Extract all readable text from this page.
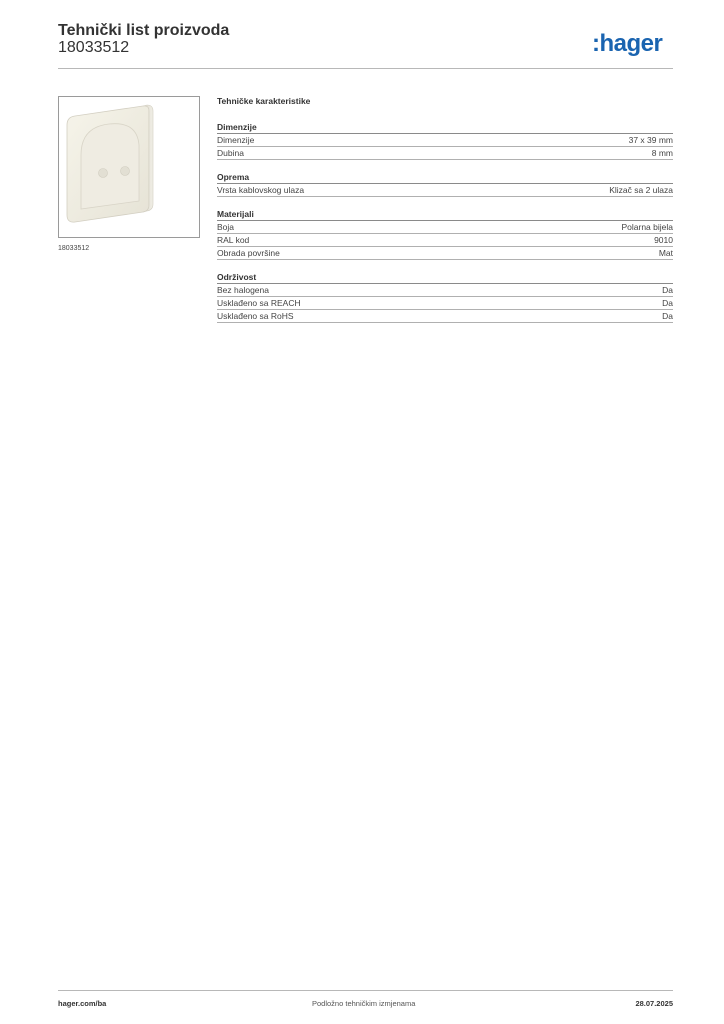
Tehnički list proizvoda
18033512	:hager
18033512
Tehničke karakteristike
Dimenzije
Dimenzije	37 x 39 mm
Dubina	8 mm
Oprema
Vrsta kablovskog ulaza	Klizač sa 2 ulaza
Materijali
Boja	Polarna bijela
RAL kod	9010
Obrada površine	Mat
Održivost
Bez halogena	Da
Usklađeno sa REACH	Da
Usklađeno sa RoHS	Da
hager.com/ba	Podložno tehničkim izmjenama	28.07.2025
